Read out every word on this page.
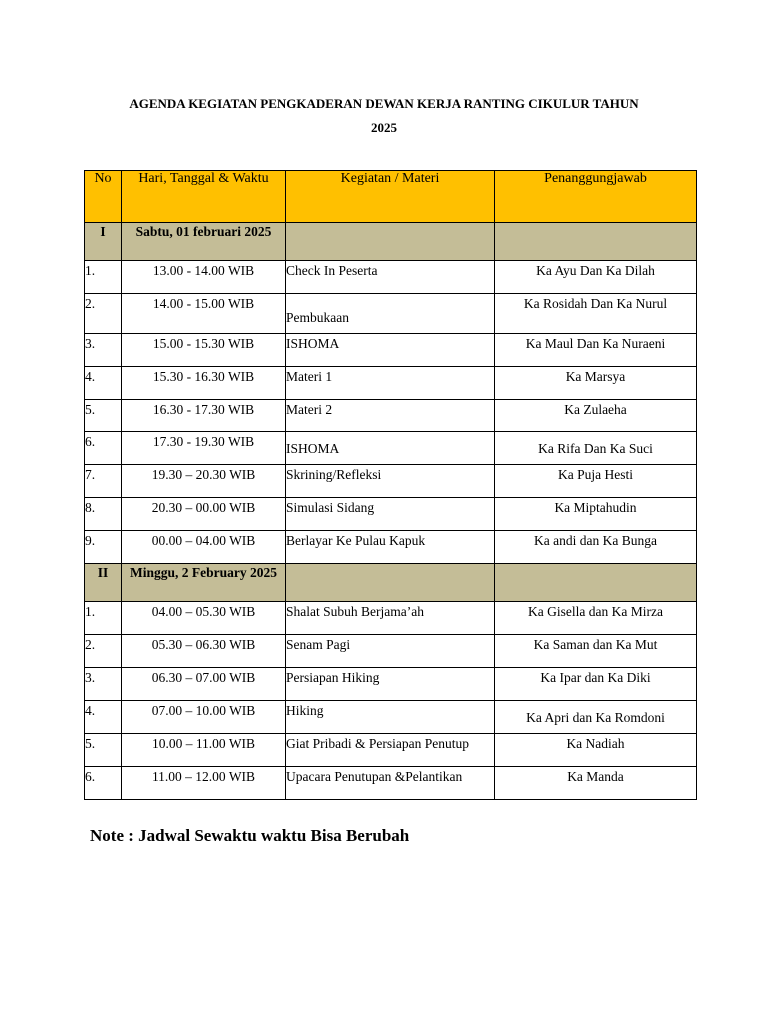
AGENDA KEGIATAN PENGKADERAN DEWAN KERJA RANTING CIKULUR TAHUN
2025
No	Hari, Tanggal & Waktu	Kegiatan / Materi	Penanggungjawab
I	Sabtu, 01 februari 2025		

1.	13.00 - 14.00 WIB	Check In Peserta	Ka Ayu Dan Ka Dilah

2.	14.00 - 15.00 WIB	Pembukaan	Ka Rosidah Dan Ka Nurul

3.	15.00 - 15.30 WIB	ISHOMA	Ka Maul Dan Ka Nuraeni

4.	15.30 - 16.30 WIB	Materi 1	Ka Marsya

5.	16.30 - 17.30 WIB	Materi 2	Ka Zulaeha

6.	17.30 - 19.30 WIB	ISHOMA	Ka Rifa Dan Ka Suci

7.	19.30 – 20.30 WIB	Skrining/Refleksi	Ka Puja Hesti

8.	20.30 – 00.00 WIB	Simulasi Sidang	Ka Miptahudin

9.	00.00 – 04.00 WIB	Berlayar Ke Pulau Kapuk	Ka andi dan Ka Bunga

II	Minggu, 2 February 2025		

1.	04.00 – 05.30 WIB	Shalat Subuh Berjama’ah	Ka Gisella dan Ka Mirza

2.	05.30 – 06.30 WIB	Senam Pagi	Ka Saman dan Ka Mut

3.	06.30 – 07.00 WIB	Persiapan Hiking	Ka Ipar dan Ka Diki

4.	07.00 – 10.00 WIB	Hiking	Ka Apri dan Ka Romdoni

5.	10.00 – 11.00 WIB	Giat Pribadi & Persiapan Penutup	Ka Nadiah

6.	11.00 – 12.00 WIB	Upacara Penutupan &Pelantikan	Ka Manda
Note : Jadwal Sewaktu waktu Bisa Berubah
